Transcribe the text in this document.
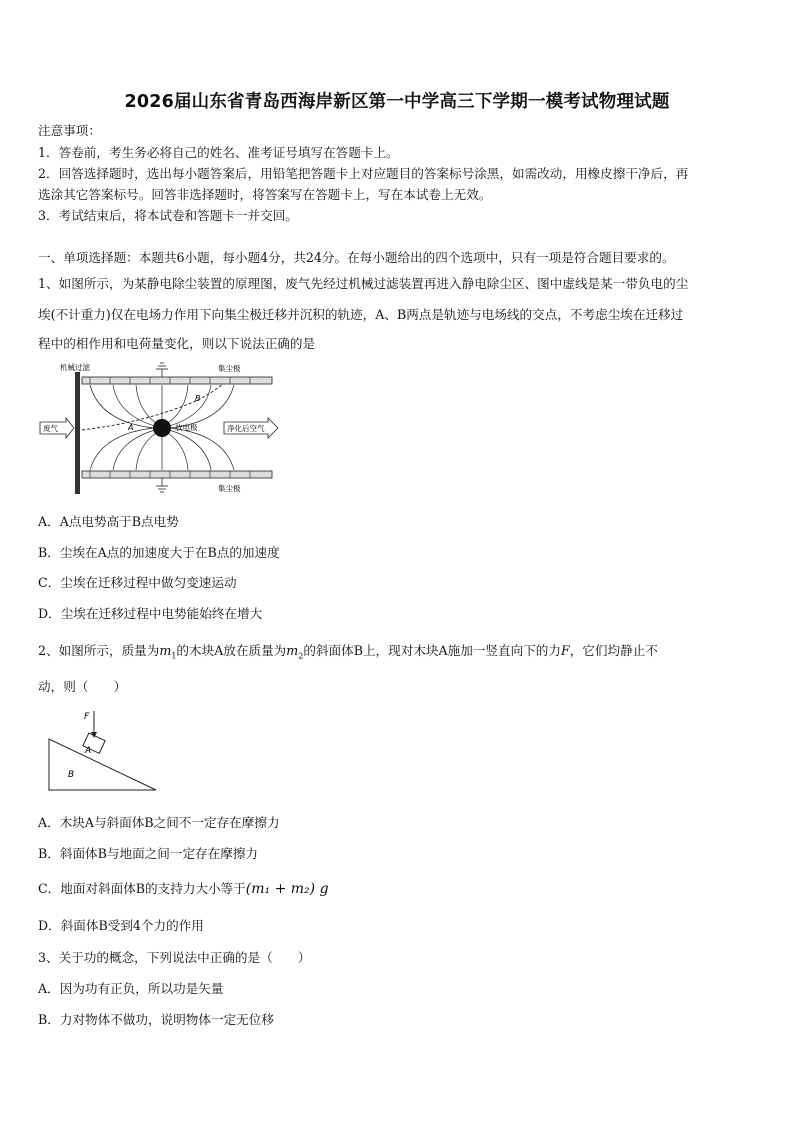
2026届山东省青岛西海岸新区第一中学高三下学期一模考试物理试题
注意事项：
1．答卷前，考生务必将自己的姓名、准考证号填写在答题卡上。
2．回答选择题时，选出每小题答案后，用铅笔把答题卡上对应题目的答案标号涂黑，如需改动，用橡皮擦干净后，再
选涂其它答案标号。回答非选择题时，将答案写在答题卡上，写在本试卷上无效。
3．考试结束后，将本试卷和答题卡一并交回。
一、单项选择题：本题共6小题，每小题4分，共24分。在每小题给出的四个选项中，只有一项是符合题目要求的。
1、如图所示，为某静电除尘装置的原理图，废气先经过机械过滤装置再进入静电除尘区、图中虚线是某一带负电的尘
埃(不计重力)仅在电场力作用下向集尘极迁移并沉积的轨迹，A、B两点是轨迹与电场线的交点，不考虑尘埃在迁移过
程中的相作用和电荷量变化，则以下说法正确的是
机械过滤	集尘极
集尘极
放电极
A
B
废气	净化后空气
A．A点电势高于B点电势
B．尘埃在A点的加速度大于在B点的加速度
C．尘埃在迁移过程中做匀变速运动
D．尘埃在迁移过程中电势能始终在增大
2、如图所示，质量为$m_1$的木块A放在质量为$m_2$的斜面体B上，现对木块A施加一竖直向下的力F，它们均静止不
动，则（　　）
A
F
B
A．木块A与斜面体B之间不一定存在摩擦力
B．斜面体B与地面之间一定存在摩擦力
C．地面对斜面体B的支持力大小等于(m₁ + m₂) g
D．斜面体B受到4个力的作用
3、关于功的概念，下列说法中正确的是（　　）
A．因为功有正负，所以功是矢量
B．力对物体不做功，说明物体一定无位移
